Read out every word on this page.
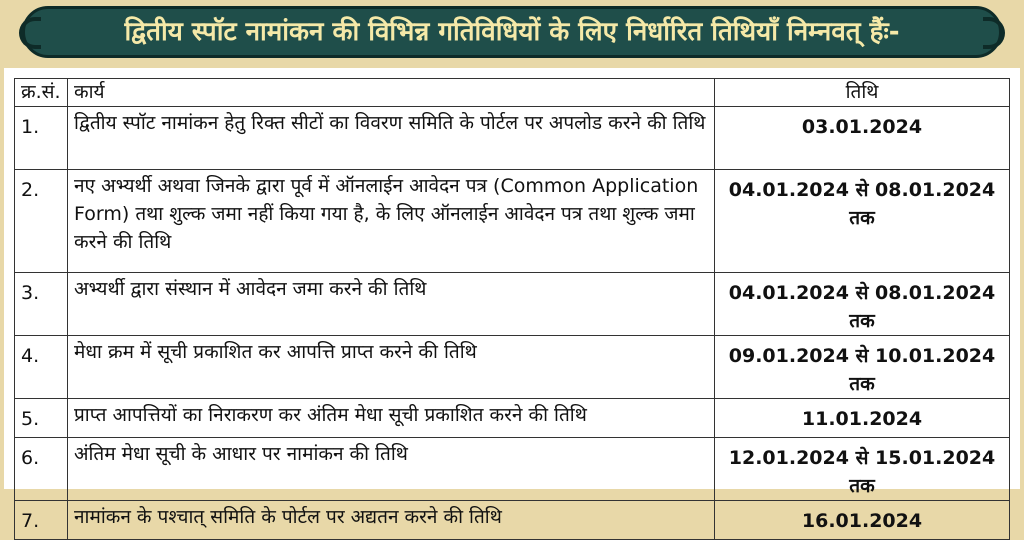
द्वितीय स्पॉट नामांकन की विभिन्न गतिविधियों के लिए निर्धारित तिथियाँ निम्नवत् हैंः-
क्र.सं.	कार्य	तिथि
1.	द्वितीय स्पॉट नामांकन हेतु रिक्त सीटों का विवरण समिति के पोर्टल पर अपलोड करने की तिथि	03.01.2024
2.	नए अभ्यर्थी अथवा जिनके द्वारा पूर्व में ऑनलाईन आवेदन पत्र (Common Application Form) तथा शुल्क जमा नहीं किया गया है, के लिए ऑनलाईन आवेदन पत्र तथा शुल्क जमा करने की तिथि	04.01.2024 से 08.01.2024 तक
3.	अभ्यर्थी द्वारा संस्थान में आवेदन जमा करने की तिथि	04.01.2024 से 08.01.2024 तक
4.	मेधा क्रम में सूची प्रकाशित कर आपत्ति प्राप्त करने की तिथि	09.01.2024 से 10.01.2024 तक
5.	प्राप्त आपत्तियों का निराकरण कर अंतिम मेधा सूची प्रकाशित करने की तिथि	11.01.2024
6.	अंतिम मेधा सूची के आधार पर नामांकन की तिथि	12.01.2024 से 15.01.2024 तक
7.	नामांकन के पश्चात् समिति के पोर्टल पर अद्यतन करने की तिथि	16.01.2024
